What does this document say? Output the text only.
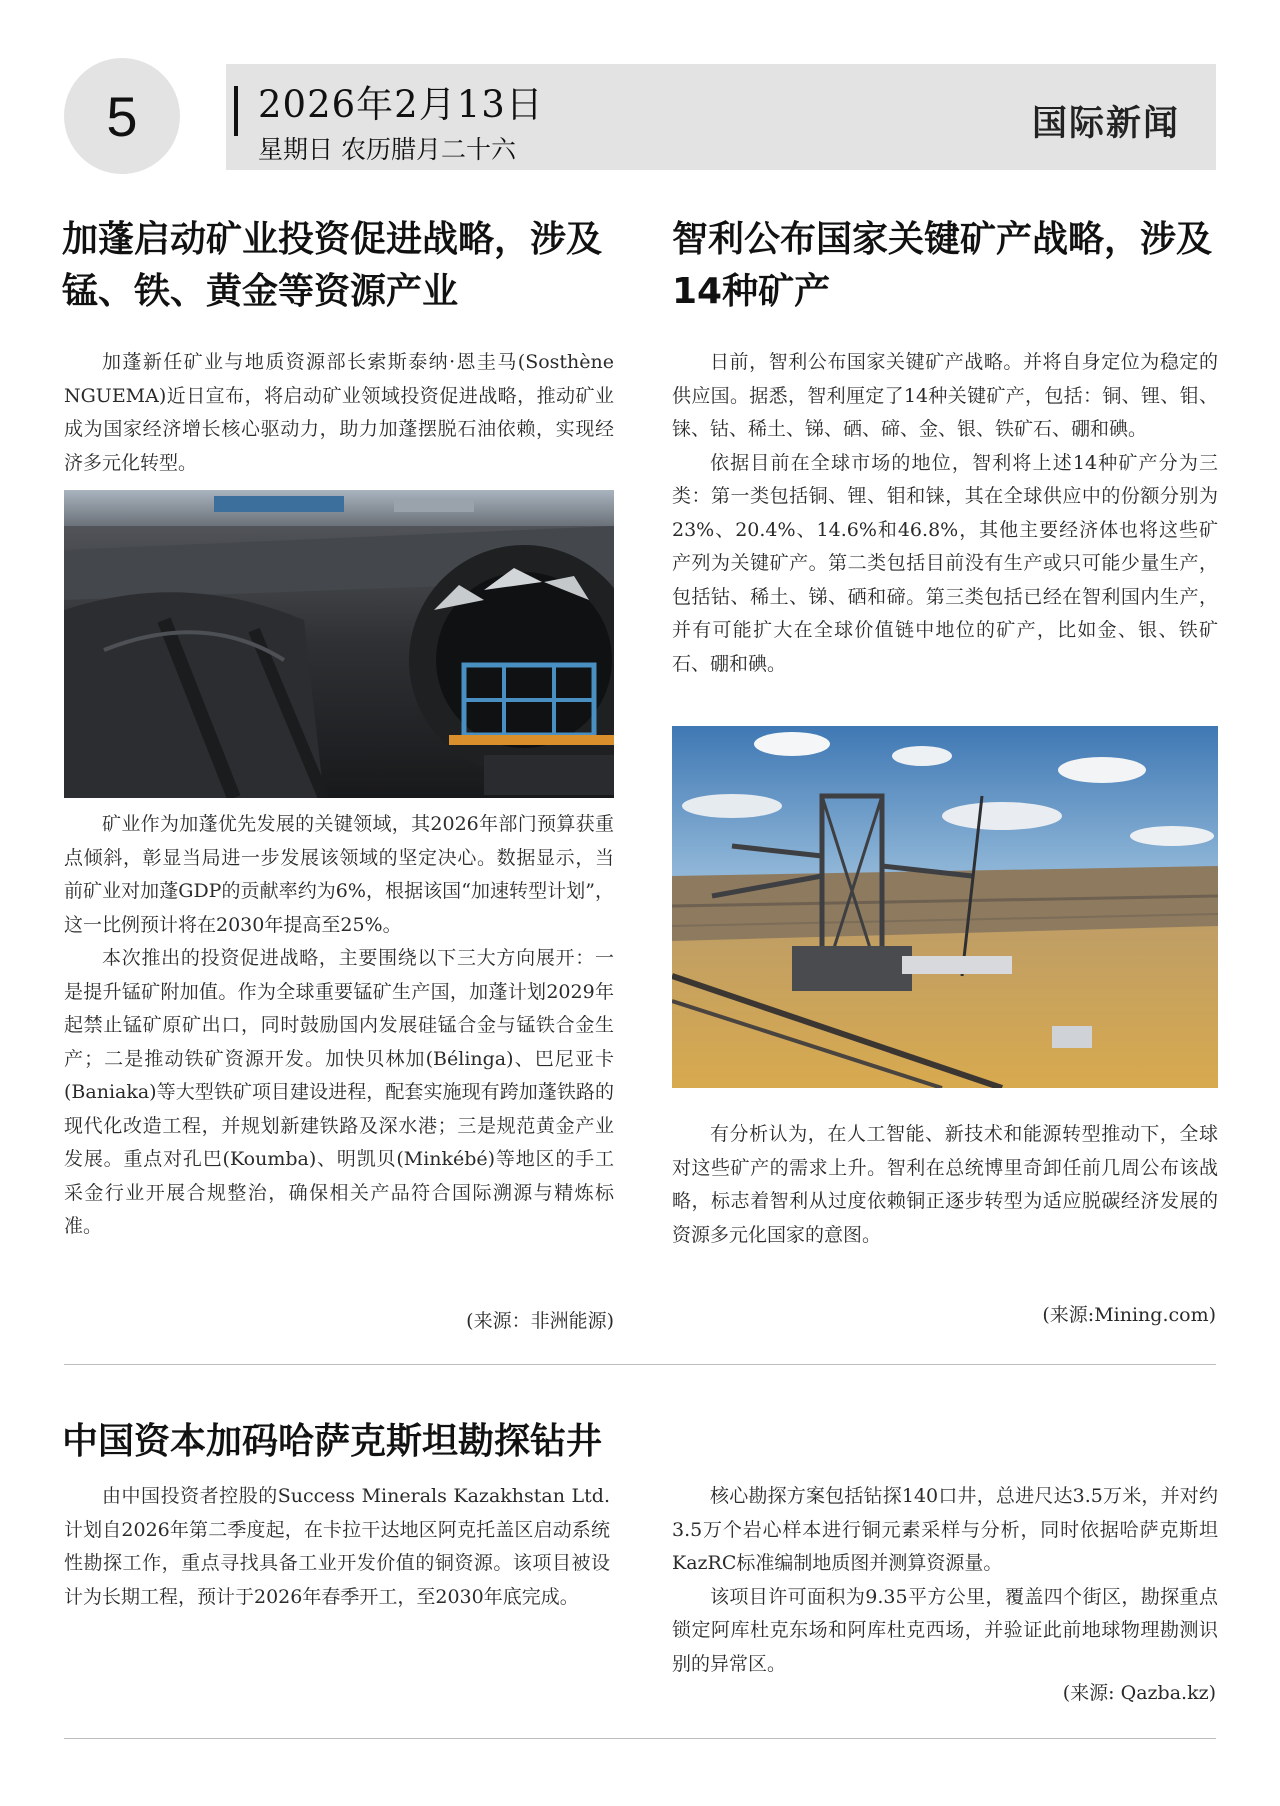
5	2026年2月13日
星期日 农历腊月二十六
国际新闻
加蓬启动矿业投资促进战略，涉及
锰、铁、黄金等资源产业

加蓬新任矿业与地质资源部长索斯泰纳·恩圭马(Sosthène NGUEMA)近日宣布，将启动矿业领域投资促进战略，推动矿业成为国家经济增长核心驱动力，助力加蓬摆脱石油依赖，实现经济多元化转型。

矿业作为加蓬优先发展的关键领域，其2026年部门预算获重点倾斜，彰显当局进一步发展该领域的坚定决心。数据显示，当前矿业对加蓬GDP的贡献率约为6%，根据该国“加速转型计划”，这一比例预计将在2030年提高至25%。

本次推出的投资促进战略，主要围绕以下三大方向展开：一是提升锰矿附加值。作为全球重要锰矿生产国，加蓬计划2029年起禁止锰矿原矿出口，同时鼓励国内发展硅锰合金与锰铁合金生产；二是推动铁矿资源开发。加快贝林加(Bélinga)、巴尼亚卡(Baniaka)等大型铁矿项目建设进程，配套实施现有跨加蓬铁路的现代化改造工程，并规划新建铁路及深水港；三是规范黄金产业发展。重点对孔巴(Koumba)、明凯贝(Minkébé)等地区的手工采金行业开展合规整治，确保相关产品符合国际溯源与精炼标准。

(来源：非洲能源)
智利公布国家关键矿产战略，涉及
14种矿产

日前，智利公布国家关键矿产战略。并将自身定位为稳定的供应国。据悉，智利厘定了14种关键矿产，包括：铜、锂、钼、铼、钴、稀土、锑、硒、碲、金、银、铁矿石、硼和碘。

依据目前在全球市场的地位，智利将上述14种矿产分为三类：第一类包括铜、锂、钼和铼，其在全球供应中的份额分别为23%、20.4%、14.6%和46.8%，其他主要经济体也将这些矿产列为关键矿产。第二类包括目前没有生产或只可能少量生产，包括钴、稀土、锑、硒和碲。第三类包括已经在智利国内生产，并有可能扩大在全球价值链中地位的矿产，比如金、银、铁矿石、硼和碘。

有分析认为，在人工智能、新技术和能源转型推动下，全球对这些矿产的需求上升。智利在总统博里奇卸任前几周公布该战略，标志着智利从过度依赖铜正逐步转型为适应脱碳经济发展的资源多元化国家的意图。

(来源:Mining.com)
中国资本加码哈萨克斯坦勘探钻井

由中国投资者控股的Success Minerals Kazakhstan Ltd.计划自2026年第二季度起，在卡拉干达地区阿克托盖区启动系统性勘探工作，重点寻找具备工业开发价值的铜资源。该项目被设计为长期工程，预计于2026年春季开工，至2030年底完成。

核心勘探方案包括钻探140口井，总进尺达3.5万米，并对约3.5万个岩心样本进行铜元素采样与分析，同时依据哈萨克斯坦KazRC标准编制地质图并测算资源量。

该项目许可面积为9.35平方公里，覆盖四个街区，勘探重点锁定阿库杜克东场和阿库杜克西场，并验证此前地球物理勘测识别的异常区。

(来源: Qazba.kz)
